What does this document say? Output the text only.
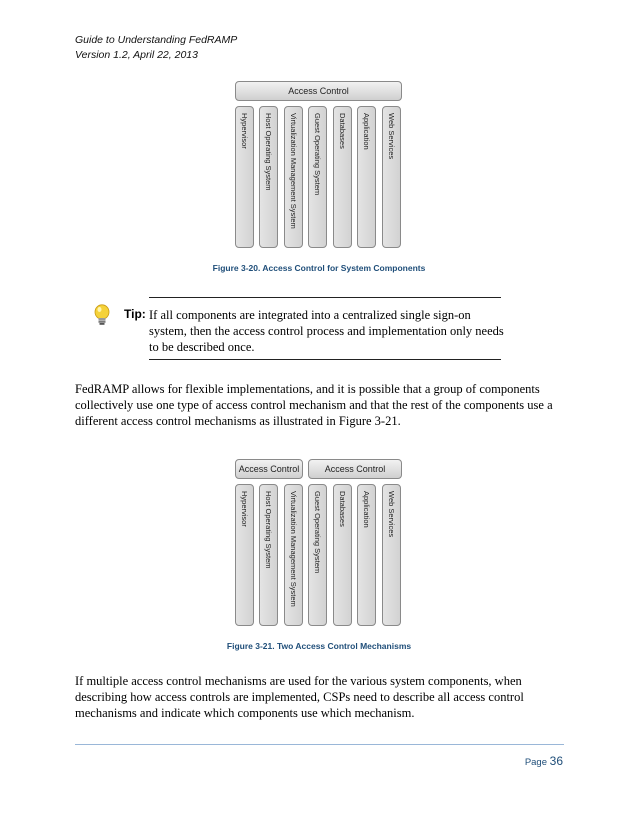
Guide to Understanding FedRAMP
Version 1.2, April 22, 2013
Access Control
Hypervisor Host Operating System Virtualization Management System Guest Operating System Databases Application Web Services
Figure 3-20. Access Control for System Components
Tip: If all components are integrated into a centralized single sign-on system, then the access control process and implementation only needs to be described once.
FedRAMP allows for flexible implementations, and it is possible that a group of components collectively use one type of access control mechanism and that the rest of the components use a different access control mechanisms as illustrated in Figure 3-21.
Access Control	Access Control
Hypervisor Host Operating System Virtualization Management System Guest Operating System Databases Application Web Services
Figure 3-21. Two Access Control Mechanisms
If multiple access control mechanisms are used for the various system components, when describing how access controls are implemented, CSPs need to describe all access control mechanisms and indicate which components use which mechanism.
Page 36
